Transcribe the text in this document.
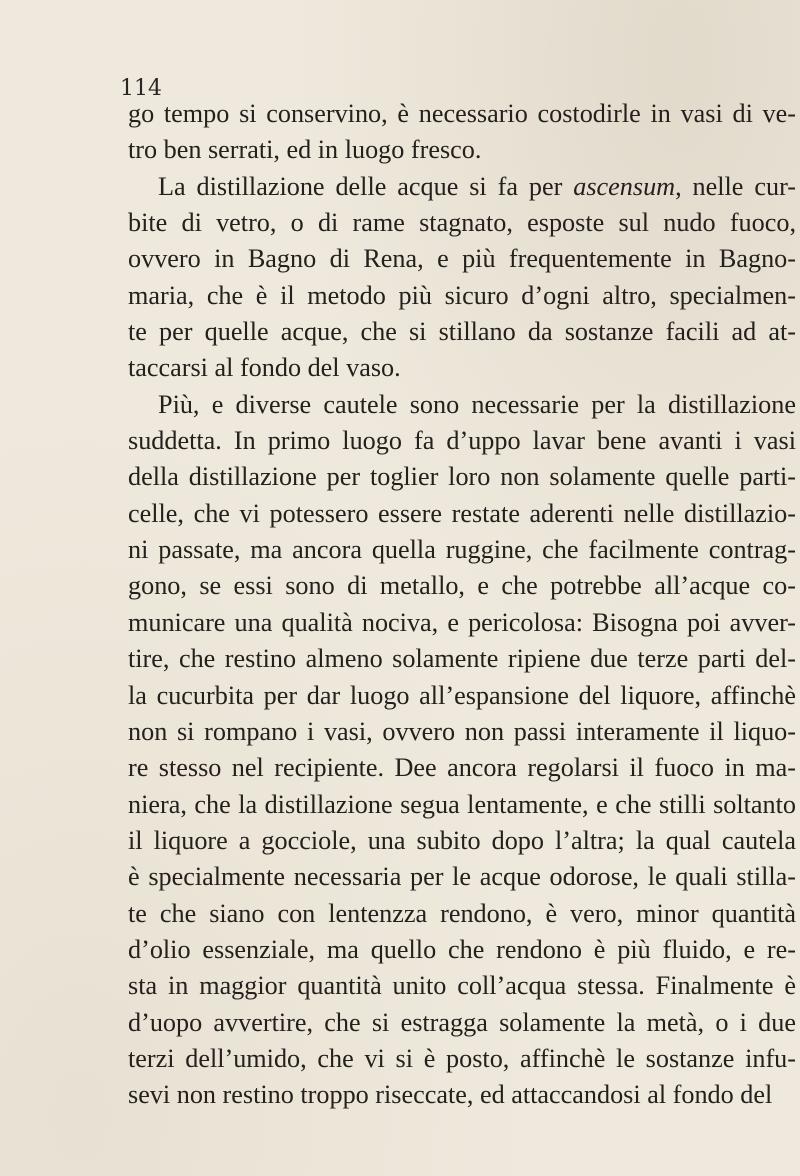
114
go tempo si conservino, è necessario costodirle in vasi di ve-
tro ben serrati, ed in luogo fresco.
La distillazione delle acque si fa per ascensum, nelle cur-
bite di vetro, o di rame stagnato, esposte sul nudo fuoco,
ovvero in Bagno di Rena, e più frequentemente in Bagno-
maria, che è il metodo più sicuro d’ogni altro, specialmen-
te per quelle acque, che si stillano da sostanze facili ad at-
taccarsi al fondo del vaso.
Più, e diverse cautele sono necessarie per la distillazione
suddetta. In primo luogo fa d’uppo lavar bene avanti i vasi
della distillazione per toglier loro non solamente quelle parti-
celle, che vi potessero essere restate aderenti nelle distillazio-
ni passate, ma ancora quella ruggine, che facilmente contrag-
gono, se essi sono di metallo, e che potrebbe all’acque co-
municare una qualità nociva, e pericolosa: Bisogna poi avver-
tire, che restino almeno solamente ripiene due terze parti del-
la cucurbita per dar luogo all’espansione del liquore, affinchè
non si rompano i vasi, ovvero non passi interamente il liquo-
re stesso nel recipiente. Dee ancora regolarsi il fuoco in ma-
niera, che la distillazione segua lentamente, e che stilli soltanto
il liquore a gocciole, una subito dopo l’altra; la qual cautela
è specialmente necessaria per le acque odorose, le quali stilla-
te che siano con lentenzza rendono, è vero, minor quantità
d’olio essenziale, ma quello che rendono è più fluido, e re-
sta in maggior quantità unito coll’acqua stessa. Finalmente è
d’uopo avvertire, che si estragga solamente la metà, o i due
terzi dell’umido, che vi si è posto, affinchè le sostanze infu-
sevi non restino troppo riseccate, ed attaccandosi al fondo del
